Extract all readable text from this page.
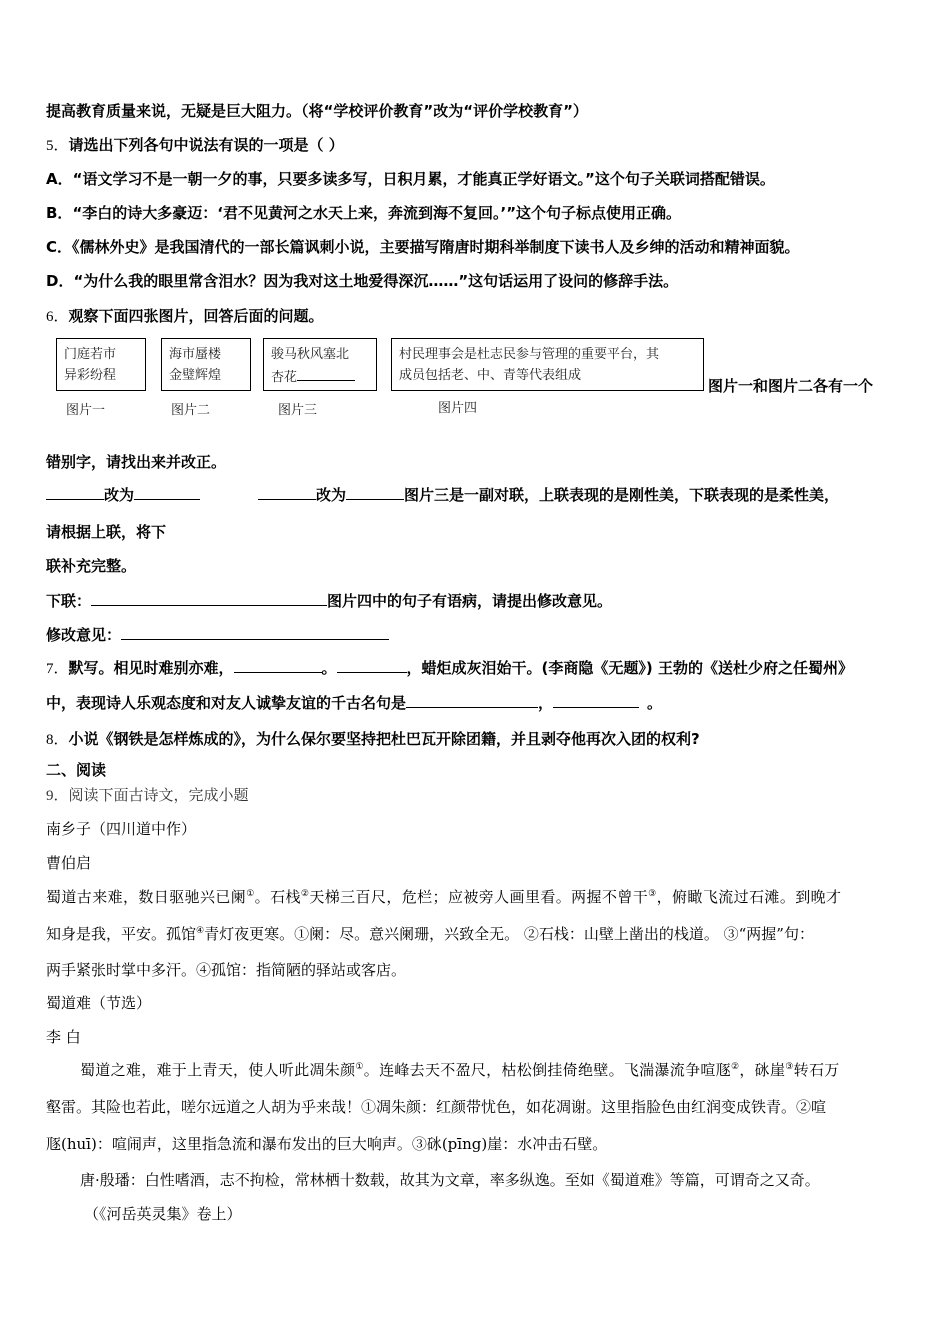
提高教育质量来说，无疑是巨大阻力。（将“学校评价教育”改为“评价学校教育”）
5．请选出下列各句中说法有误的一项是（ ）
A．“语文学习不是一朝一夕的事，只要多读多写，日积月累，才能真正学好语文。”这个句子关联词搭配错误。
B．“李白的诗大多豪迈：‘君不见黄河之水天上来，奔流到海不复回。’”这个句子标点使用正确。
C．《儒林外史》是我国清代的一部长篇讽刺小说，主要描写隋唐时期科举制度下读书人及乡绅的活动和精神面貌。
D．“为什么我的眼里常含泪水？因为我对这土地爱得深沉……”这句话运用了设问的修辞手法。
6．观察下面四张图片，回答后面的问题。
门庭若市
异彩纷程
图片一
海市蜃楼
金璧辉煌
图片二
骏马秋风塞北
杏花
图片三
村民理事会是杜志民参与管理的重要平台，其
成员包括老、中、青等代表组成
图片四
图片一和图片二各有一个
错别字，请找出来并改正。
改为	改为	图片三是一副对联，上联表现的是刚性美，下联表现的是柔性美，
请根据上联，将下
联补充完整。
下联：	图片四中的句子有语病，请提出修改意见。
修改意见：
7．默写。相见时难别亦难，	。	，蜡炬成灰泪始干。(李商隐《无题》) 王勃的《送杜少府之任蜀州》
中，表现诗人乐观态度和对友人诚挚友谊的千古名句是	，	。
8．小说《钢铁是怎样炼成的》，为什么保尔要坚持把杜巴瓦开除团籍，并且剥夺他再次入团的权利?
二、阅读
9．阅读下面古诗文，完成小题
南乡子（四川道中作）
曹伯启
蜀道古来难，数日驱驰兴已阑①。石栈②天梯三百尺，危栏；应被旁人画里看。两握不曾干③，俯瞰飞流过石滩。到晚才
知身是我，平安。孤馆④青灯夜更寒。①阑：尽。意兴阑珊，兴致全无。 ②石栈：山壁上凿出的栈道。 ③“两握”句：
两手紧张时掌中多汗。④孤馆：指简陋的驿站或客店。
蜀道难（节选）
李 白
蜀道之难，难于上青天，使人听此凋朱颜①。连峰去天不盈尺，枯松倒挂倚绝壁。飞湍瀑流争喧豗②，砯崖③转石万
壑雷。其险也若此，嗟尔远道之人胡为乎来哉！①凋朱颜：红颜带忧色，如花凋谢。这里指脸色由红润变成铁青。②喧
豗(huī)：喧闹声，这里指急流和瀑布发出的巨大响声。③砯(pīng)崖：水冲击石壁。
唐·殷璠：白性嗜酒，志不拘检，常林栖十数载，故其为文章，率多纵逸。至如《蜀道难》等篇，可谓奇之又奇。
（《河岳英灵集》卷上）
